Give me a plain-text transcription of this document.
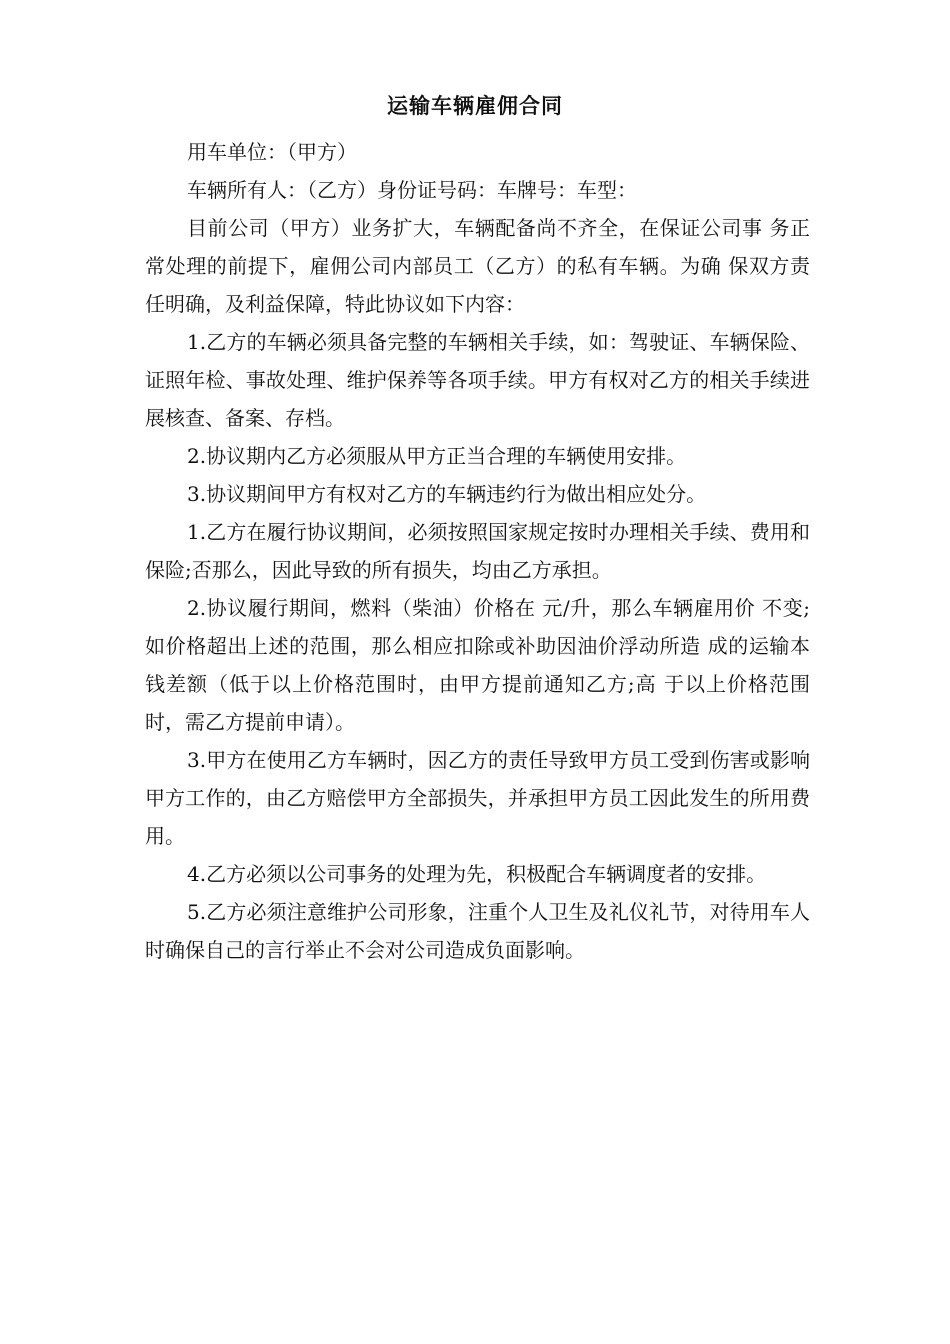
运输车辆雇佣合同

用车单位：（甲方）

车辆所有人：（乙方）身份证号码：车牌号：车型：

目前公司（甲方）业务扩大，车辆配备尚不齐全，在保证公司事 务正常处理的前提下，雇佣公司内部员工（乙方）的私有车辆。为确 保双方责任明确，及利益保障，特此协议如下内容：

1.乙方的车辆必须具备完整的车辆相关手续，如：驾驶证、车辆保险、证照年检、事故处理、维护保养等各项手续。甲方有权对乙方的相关手续进展核查、备案、存档。

2.协议期内乙方必须服从甲方正当合理的车辆使用安排。

3.协议期间甲方有权对乙方的车辆违约行为做出相应处分。

1.乙方在履行协议期间，必须按照国家规定按时办理相关手续、费用和保险;否那么，因此导致的所有损失，均由乙方承担。

2.协议履行期间，燃料（柴油）价格在 元/升，那么车辆雇用价 不变;如价格超出上述的范围，那么相应扣除或补助因油价浮动所造 成的运输本钱差额（低于以上价格范围时，由甲方提前通知乙方;高 于以上价格范围时，需乙方提前申请）。

3.甲方在使用乙方车辆时，因乙方的责任导致甲方员工受到伤害或影响甲方工作的，由乙方赔偿甲方全部损失，并承担甲方员工因此发生的所用费用。

4.乙方必须以公司事务的处理为先，积极配合车辆调度者的安排。

5.乙方必须注意维护公司形象，注重个人卫生及礼仪礼节，对待用车人时确保自己的言行举止不会对公司造成负面影响。
